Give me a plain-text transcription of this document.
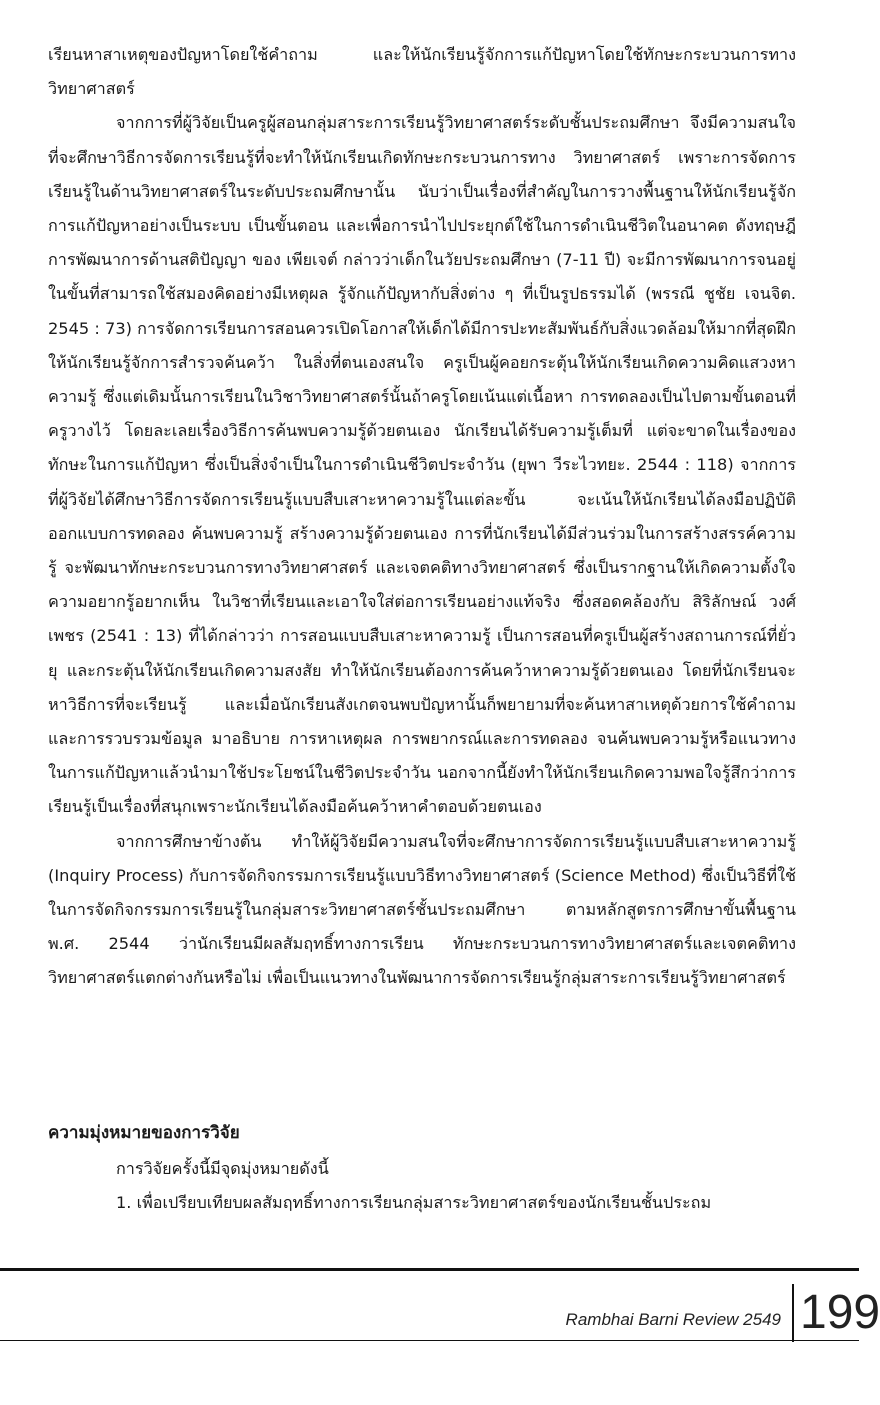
เรียนหาสาเหตุของปัญหาโดยใช้คำถาม และให้นักเรียนรู้จักการแก้ปัญหาโดยใช้ทักษะกระบวนการทางวิทยาศาสตร์

จากการที่ผู้วิจัยเป็นครูผู้สอนกลุ่มสาระการเรียนรู้วิทยาศาสตร์ระดับชั้นประถมศึกษา จึงมีความสนใจที่จะศึกษาวิธีการจัดการเรียนรู้ที่จะทำให้นักเรียนเกิดทักษะกระบวนการทาง วิทยาศาสตร์ เพราะการจัดการเรียนรู้ในด้านวิทยาศาสตร์ในระดับประถมศึกษานั้น นับว่าเป็นเรื่องที่สำคัญในการวางพื้นฐานให้นักเรียนรู้จักการแก้ปัญหาอย่างเป็นระบบ เป็นขั้นตอน และเพื่อการนำไปประยุกต์ใช้ในการดำเนินชีวิตในอนาคต ดังทฤษฎีการพัฒนาการด้านสติปัญญา ของ เพียเจต์ กล่าวว่าเด็กในวัยประถมศึกษา (7-11 ปี) จะมีการพัฒนาการจนอยู่ในขั้นที่สามารถใช้สมองคิดอย่างมีเหตุผล รู้จักแก้ปัญหากับสิ่งต่าง ๆ ที่เป็นรูปธรรมได้ (พรรณี ชูชัย เจนจิต. 2545 : 73) การจัดการเรียนการสอนควรเปิดโอกาสให้เด็กได้มีการปะทะสัมพันธ์กับสิ่งแวดล้อมให้มากที่สุดฝึกให้นักเรียนรู้จักการสำรวจค้นคว้า ในสิ่งที่ตนเองสนใจ ครูเป็นผู้คอยกระตุ้นให้นักเรียนเกิดความคิดแสวงหาความรู้ ซึ่งแต่เดิมนั้นการเรียนในวิชาวิทยาศาสตร์นั้นถ้าครูโดยเน้นแต่เนื้อหา การทดลองเป็นไปตามขั้นตอนที่ครูวางไว้ โดยละเลยเรื่องวิธีการค้นพบความรู้ด้วยตนเอง นักเรียนได้รับความรู้เต็มที่ แต่จะขาดในเรื่องของทักษะในการแก้ปัญหา ซึ่งเป็นสิ่งจำเป็นในการดำเนินชีวิตประจำวัน (ยุพา วีระไวทยะ. 2544 : 118) จากการที่ผู้วิจัยได้ศึกษาวิธีการจัดการเรียนรู้แบบสืบเสาะหาความรู้ในแต่ละขั้น จะเน้นให้นักเรียนได้ลงมือปฏิบัติ ออกแบบการทดลอง ค้นพบความรู้ สร้างความรู้ด้วยตนเอง การที่นักเรียนได้มีส่วนร่วมในการสร้างสรรค์ความรู้ จะพัฒนาทักษะกระบวนการทางวิทยาศาสตร์ และเจตคติทางวิทยาศาสตร์ ซึ่งเป็นรากฐานให้เกิดความตั้งใจ ความอยากรู้อยากเห็น ในวิชาที่เรียนและเอาใจใส่ต่อการเรียนอย่างแท้จริง ซึ่งสอดคล้องกับ สิริลักษณ์ วงศ์เพชร (2541 : 13) ที่ได้กล่าวว่า การสอนแบบสืบเสาะหาความรู้ เป็นการสอนที่ครูเป็นผู้สร้างสถานการณ์ที่ยั่วยุ และกระตุ้นให้นักเรียนเกิดความสงสัย ทำให้นักเรียนต้องการค้นคว้าหาความรู้ด้วยตนเอง โดยที่นักเรียนจะหาวิธีการที่จะเรียนรู้ และเมื่อนักเรียนสังเกตจนพบปัญหานั้นก็พยายามที่จะค้นหาสาเหตุด้วยการใช้คำถาม และการรวบรวมข้อมูล มาอธิบาย การหาเหตุผล การพยากรณ์และการทดลอง จนค้นพบความรู้หรือแนวทางในการแก้ปัญหาแล้วนำมาใช้ประโยชน์ในชีวิตประจำวัน นอกจากนี้ยังทำให้นักเรียนเกิดความพอใจรู้สึกว่าการเรียนรู้เป็นเรื่องที่สนุกเพราะนักเรียนได้ลงมือค้นคว้าหาคำตอบด้วยตนเอง

จากการศึกษาข้างต้น ทำให้ผู้วิจัยมีความสนใจที่จะศึกษาการจัดการเรียนรู้แบบสืบเสาะหาความรู้ (Inquiry Process) กับการจัดกิจกรรมการเรียนรู้แบบวิธีทางวิทยาศาสตร์ (Science Method) ซึ่งเป็นวิธีที่ใช้ในการจัดกิจกรรมการเรียนรู้ในกลุ่มสาระวิทยาศาสตร์ชั้นประถมศึกษา ตามหลักสูตรการศึกษาขั้นพื้นฐาน พ.ศ. 2544 ว่านักเรียนมีผลสัมฤทธิ์ทางการเรียน ทักษะกระบวนการทางวิทยาศาสตร์และเจตคติทางวิทยาศาสตร์แตกต่างกันหรือไม่ เพื่อเป็นแนวทางในพัฒนาการจัดการเรียนรู้กลุ่มสาระการเรียนรู้วิทยาศาสตร์

ความมุ่งหมายของการวิจัย
การวิจัยครั้งนี้มีจุดมุ่งหมายดังนี้
1. เพื่อเปรียบเทียบผลสัมฤทธิ์ทางการเรียนกลุ่มสาระวิทยาศาสตร์ของนักเรียนชั้นประถม
Rambhai Barni Review 2549 199
